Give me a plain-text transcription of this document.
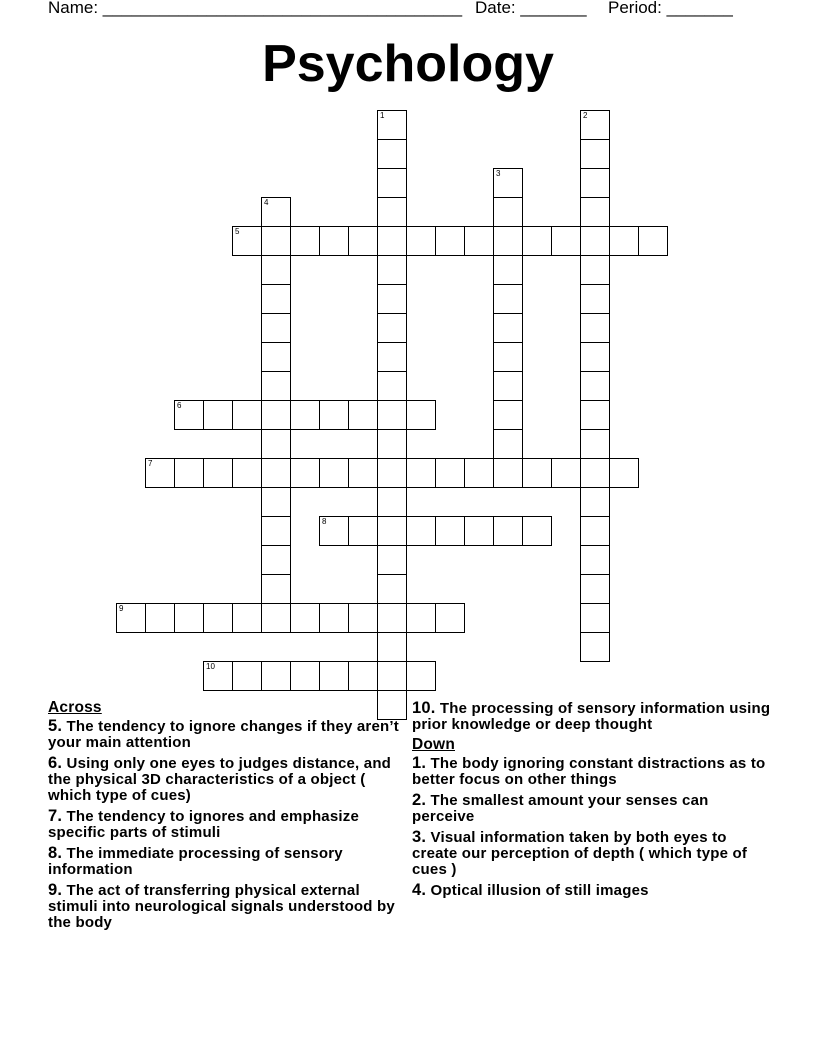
Name: ______________________________________ Date: _______ Period: _______
Psychology
1	2
3
4
5
6
7
8
9
10
Across
5. The tendency to ignore changes if they aren’t your main attention
6. Using only one eyes to judges distance, and the physical 3D characteristics of a object ( which type of cues)
7. The tendency to ignores and emphasize specific parts of stimuli
8. The immediate processing of sensory information
9. The act of transferring physical external stimuli into neurological signals understood by the body
10. The processing of sensory information using prior knowledge or deep thought
Down
1. The body ignoring constant distractions as to better focus on other things
2. The smallest amount your senses can perceive
3. Visual information taken by both eyes to create our perception of depth ( which type of cues )
4. Optical illusion of still images
